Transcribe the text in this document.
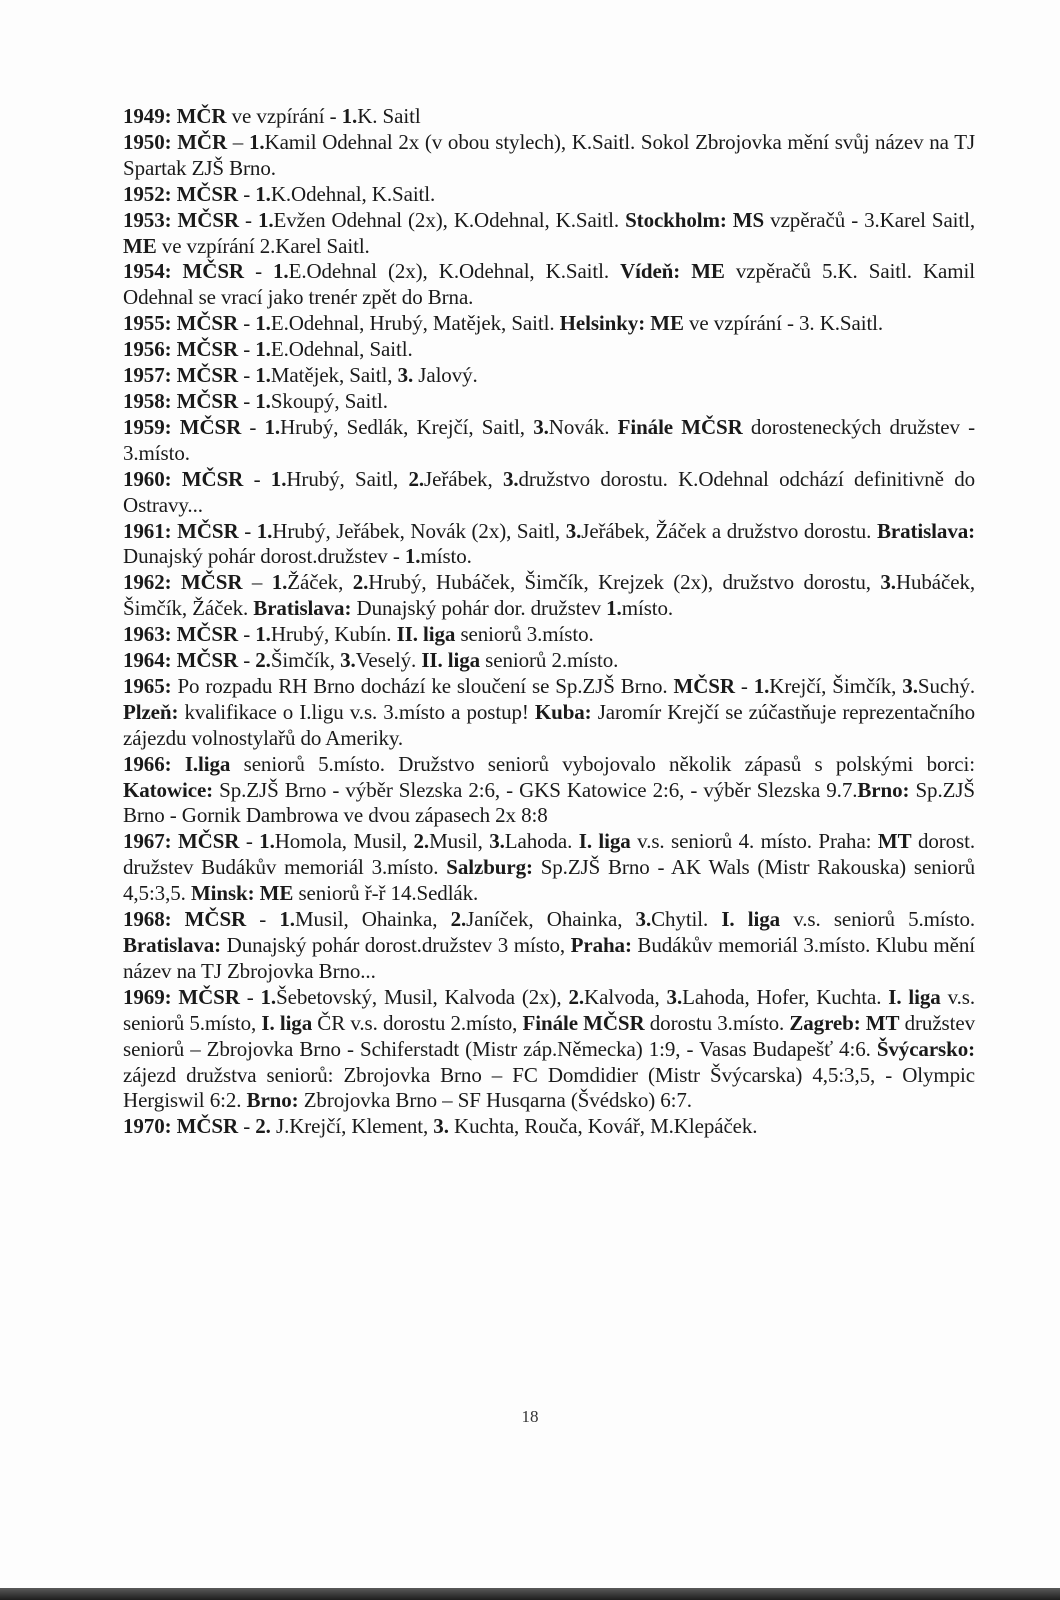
1949: MČR ve vzpírání - 1.K. Saitl

1950: MČR – 1.Kamil Odehnal 2x (v obou stylech), K.Saitl. Sokol Zbrojovka mění svůj název na TJ Spartak ZJŠ Brno.

1952: MČSR - 1.K.Odehnal, K.Saitl.

1953: MČSR - 1.Evžen Odehnal (2x), K.Odehnal, K.Saitl. Stockholm: MS vzpěračů - 3.Karel Saitl, ME ve vzpírání 2.Karel Saitl.

1954: MČSR - 1.E.Odehnal (2x), K.Odehnal, K.Saitl. Vídeň: ME vzpěračů 5.K. Saitl. Kamil Odehnal se vrací jako trenér zpět do Brna.

1955: MČSR - 1.E.Odehnal, Hrubý, Matějek, Saitl. Helsinky: ME ve vzpírání - 3. K.Saitl.

1956: MČSR - 1.E.Odehnal, Saitl.

1957: MČSR - 1.Matějek, Saitl, 3. Jalový.

1958: MČSR - 1.Skoupý, Saitl.

1959: MČSR - 1.Hrubý, Sedlák, Krejčí, Saitl, 3.Novák. Finále MČSR dorosteneckých družstev - 3.místo.

1960: MČSR - 1.Hrubý, Saitl, 2.Jeřábek, 3.družstvo dorostu. K.Odehnal odchází definitivně do Ostravy...

1961: MČSR - 1.Hrubý, Jeřábek, Novák (2x), Saitl, 3.Jeřábek, Žáček a družstvo dorostu. Bratislava: Dunajský pohár dorost.družstev - 1.místo.

1962: MČSR – 1.Žáček, 2.Hrubý, Hubáček, Šimčík, Krejzek (2x), družstvo dorostu, 3.Hubáček, Šimčík, Žáček. Bratislava: Dunajský pohár dor. družstev 1.místo.

1963: MČSR - 1.Hrubý, Kubín. II. liga seniorů 3.místo.

1964: MČSR - 2.Šimčík, 3.Veselý. II. liga seniorů 2.místo.

1965: Po rozpadu RH Brno dochází ke sloučení se Sp.ZJŠ Brno. MČSR - 1.Krejčí, Šimčík, 3.Suchý. Plzeň: kvalifikace o I.ligu v.s. 3.místo a postup! Kuba: Jaromír Krejčí se zúčastňuje reprezentačního zájezdu volnostylařů do Ameriky.

1966: I.liga seniorů 5.místo. Družstvo seniorů vybojovalo několik zápasů s polskými borci: Katowice: Sp.ZJŠ Brno - výběr Slezska 2:6, - GKS Katowice 2:6, - výběr Slezska 9.7.Brno: Sp.ZJŠ Brno - Gornik Dambrowa ve dvou zápasech 2x 8:8

1967: MČSR - 1.Homola, Musil, 2.Musil, 3.Lahoda. I. liga v.s. seniorů 4. místo. Praha: MT dorost. družstev Budákův memoriál 3.místo. Salzburg: Sp.ZJŠ Brno - AK Wals (Mistr Rakouska) seniorů 4,5:3,5. Minsk: ME seniorů ř-ř 14.Sedlák.

1968: MČSR - 1.Musil, Ohainka, 2.Janíček, Ohainka, 3.Chytil. I. liga v.s. seniorů 5.místo. Bratislava: Dunajský pohár dorost.družstev 3 místo, Praha: Budákův memoriál 3.místo. Klubu mění název na TJ Zbrojovka Brno...

1969: MČSR - 1.Šebetovský, Musil, Kalvoda (2x), 2.Kalvoda, 3.Lahoda, Hofer, Kuchta. I. liga v.s. seniorů 5.místo, I. liga ČR v.s. dorostu 2.místo, Finále MČSR dorostu 3.místo. Zagreb: MT družstev seniorů – Zbrojovka Brno - Schiferstadt (Mistr záp.Německa) 1:9, - Vasas Budapešť 4:6. Švýcarsko: zájezd družstva seniorů: Zbrojovka Brno – FC Domdidier (Mistr Švýcarska) 4,5:3,5, - Olympic Hergiswil 6:2. Brno: Zbrojovka Brno – SF Husqarna (Švédsko) 6:7.

1970: MČSR - 2. J.Krejčí, Klement, 3. Kuchta, Rouča, Kovář, M.Klepáček.

18
